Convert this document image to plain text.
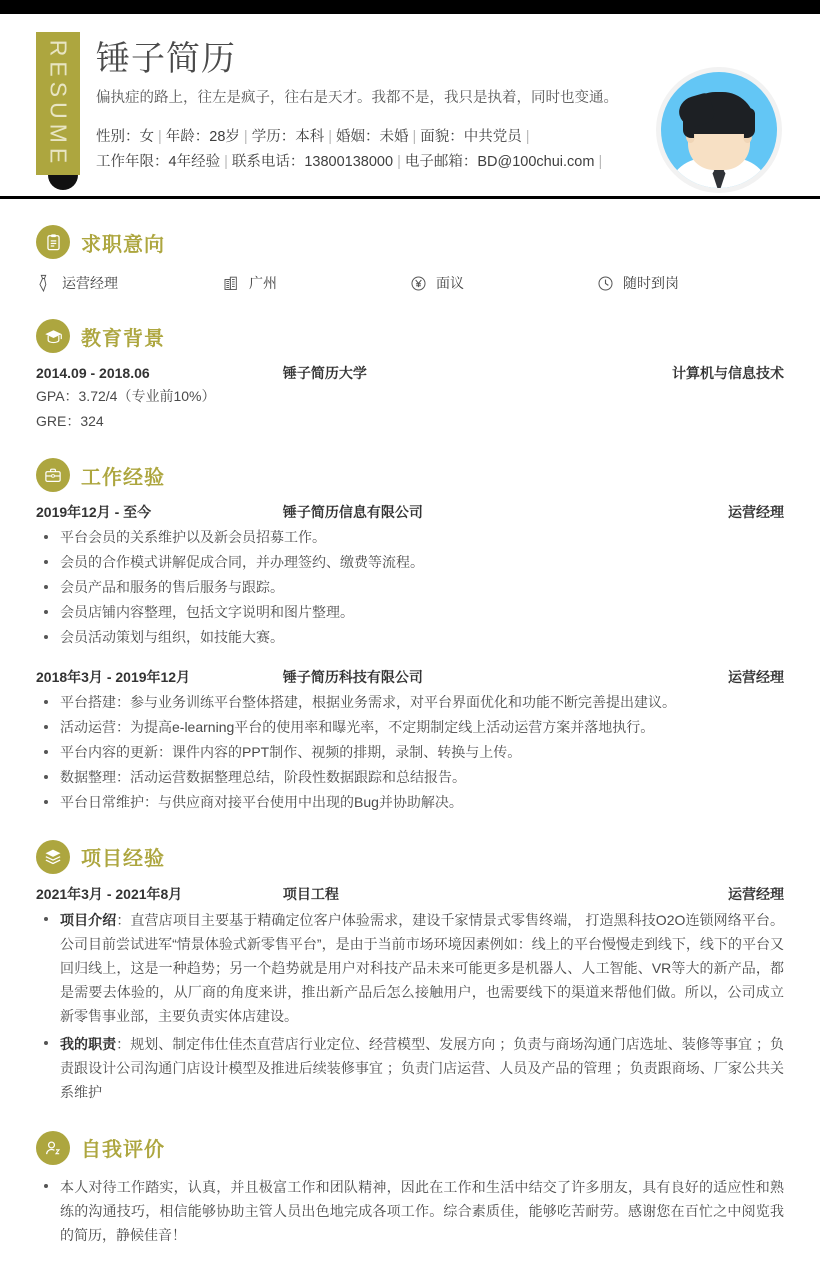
RESUME 锤子简历
偏执症的路上，往左是疯子，往右是天才。我都不是，我只是执着，同时也变通。
性别：女 | 年龄：28岁 | 学历：本科 | 婚姻：未婚 | 面貌：中共党员 |
工作年限：4年经验 | 联系电话：13800138000 | 电子邮箱：BD@100chui.com |
求职意向
运营经理	广州	面议	随时到岗
教育背景
2014.09 - 2018.06	锤子简历大学	计算机与信息技术
GPA：3.72/4（专业前10%）
GRE：324
工作经验
2019年12月 - 至今	锤子简历信息有限公司	运营经理
平台会员的关系维护以及新会员招募工作。
会员的合作模式讲解促成合同，并办理签约、缴费等流程。
会员产品和服务的售后服务与跟踪。
会员店铺内容整理，包括文字说明和图片整理。
会员活动策划与组织，如技能大赛。
2018年3月 - 2019年12月	锤子简历科技有限公司	运营经理
平台搭建：参与业务训练平台整体搭建，根据业务需求，对平台界面优化和功能不断完善提出建议。
活动运营：为提高e-learning平台的使用率和曝光率，不定期制定线上活动运营方案并落地执行。
平台内容的更新：课件内容的PPT制作、视频的排期，录制、转换与上传。
数据整理：活动运营数据整理总结，阶段性数据跟踪和总结报告。
平台日常维护：与供应商对接平台使用中出现的Bug并协助解决。
项目经验
2021年3月 - 2021年8月	项目工程	运营经理
项目介绍：直营店项目主要基于精确定位客户体验需求，建设千家情景式零售终端， 打造黑科技O2O连锁网络平台。公司目前尝试进军“情景体验式新零售平台”，是由于当前市场环境因素例如：线上的平台慢慢走到线下，线下的平台又回归线上，这是一种趋势；另一个趋势就是用户对科技产品未来可能更多是机器人、人工智能、VR等大的新产品，都是需要去体验的，从厂商的角度来讲，推出新产品后怎么接触用户，也需要线下的渠道来帮他们做。所以，公司成立新零售事业部，主要负责实体店建设。
我的职责：规划、制定伟仕佳杰直营店行业定位、经营模型、发展方向 ；负责与商场沟通门店选址、装修等事宜 ；负责跟设计公司沟通门店设计模型及推进后续装修事宜 ；负责门店运营、人员及产品的管理 ；负责跟商场、厂家公共关系维护
自我评价
本人对待工作踏实，认真，并且极富工作和团队精神，因此在工作和生活中结交了许多朋友，具有良好的适应性和熟练的沟通技巧，相信能够协助主管人员出色地完成各项工作。综合素质佳，能够吃苦耐劳。感谢您在百忙之中阅览我的简历，静候佳音！
